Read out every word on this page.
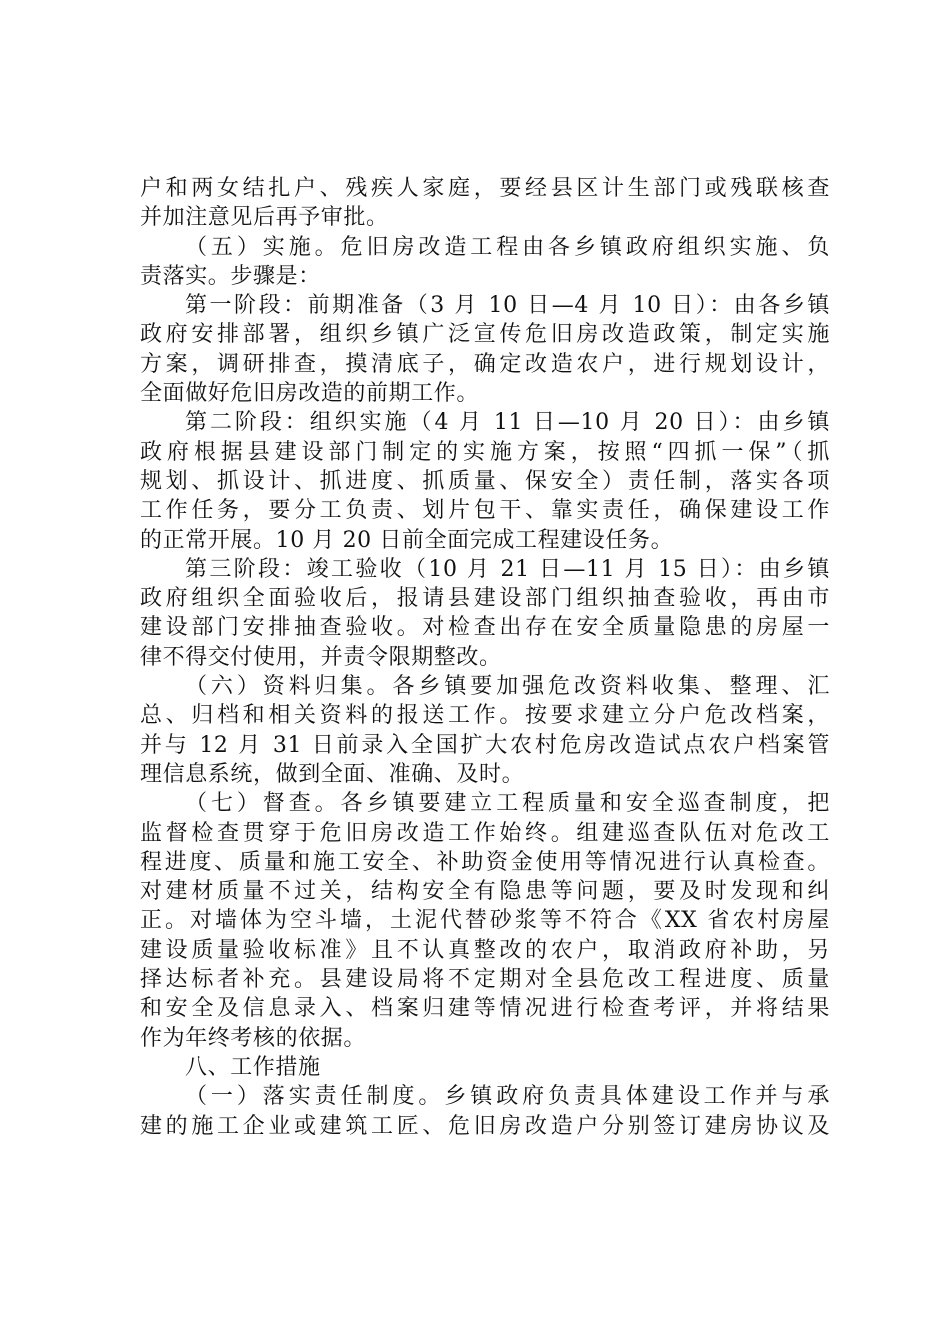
户和两女结扎户、残疾人家庭，要经县区计生部门或残联核查
并加注意见后再予审批。
（五）实施。危旧房改造工程由各乡镇政府组织实施、负
责落实。步骤是：
第一阶段：前期准备（3 月 10 日—4 月 10 日）：由各乡镇
政府安排部署，组织乡镇广泛宣传危旧房改造政策，制定实施
方案，调研排查，摸清底子，确定改造农户，进行规划设计，
全面做好危旧房改造的前期工作。
第二阶段：组织实施（4 月 11 日—10 月 20 日）：由乡镇
政府根据县建设部门制定的实施方案，按照“四抓一保”（抓
规划、抓设计、抓进度、抓质量、保安全）责任制，落实各项
工作任务，要分工负责、划片包干、靠实责任，确保建设工作
的正常开展。10 月 20 日前全面完成工程建设任务。
第三阶段：竣工验收（10 月 21 日—11 月 15 日）：由乡镇
政府组织全面验收后，报请县建设部门组织抽查验收，再由市
建设部门安排抽查验收。对检查出存在安全质量隐患的房屋一
律不得交付使用，并责令限期整改。
（六）资料归集。各乡镇要加强危改资料收集、整理、汇
总、归档和相关资料的报送工作。按要求建立分户危改档案，
并与 12 月 31 日前录入全国扩大农村危房改造试点农户档案管
理信息系统，做到全面、准确、及时。
（七）督查。各乡镇要建立工程质量和安全巡查制度，把
监督检查贯穿于危旧房改造工作始终。组建巡查队伍对危改工
程进度、质量和施工安全、补助资金使用等情况进行认真检查。
对建材质量不过关，结构安全有隐患等问题，要及时发现和纠
正。对墙体为空斗墙，土泥代替砂浆等不符合《XX 省农村房屋
建设质量验收标准》且不认真整改的农户，取消政府补助，另
择达标者补充。县建设局将不定期对全县危改工程进度、质量
和安全及信息录入、档案归建等情况进行检查考评，并将结果
作为年终考核的依据。
八、工作措施
（一）落实责任制度。乡镇政府负责具体建设工作并与承
建的施工企业或建筑工匠、危旧房改造户分别签订建房协议及
